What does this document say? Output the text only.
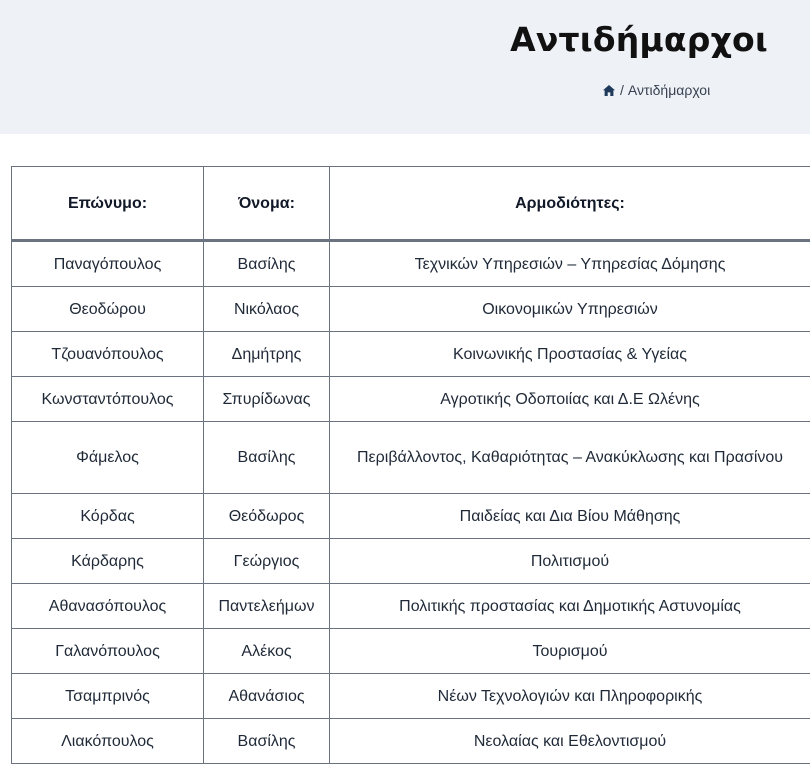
Αντιδήμαρχοι
/ Αντιδήμαρχοι
Επώνυμο:	Όνομα:	Αρμοδιότητες:
Παναγόπουλος	Βασίλης	Τεχνικών Υπηρεσιών – Υπηρεσίας Δόμησης
Θεοδώρου	Νικόλαος	Οικονομικών Υπηρεσιών
Τζουανόπουλος	Δημήτρης	Κοινωνικής Προστασίας & Υγείας
Κωνσταντόπουλος	Σπυρίδωνας	Αγροτικής Οδοποιίας και Δ.Ε Ωλένης
Φάμελος	Βασίλης	Περιβάλλοντος, Καθαριότητας – Ανακύκλωσης και Πρασίνου
Κόρδας	Θεόδωρος	Παιδείας και Δια Βίου Μάθησης
Κάρδαρης	Γεώργιος	Πολιτισμού
Αθανασόπουλος	Παντελεήμων	Πολιτικής προστασίας και Δημοτικής Αστυνομίας
Γαλανόπουλος	Αλέκος	Τουρισμού
Τσαμπρινός	Αθανάσιος	Νέων Τεχνολογιών και Πληροφορικής
Λιακόπουλος	Βασίλης	Νεολαίας και Εθελοντισμού
